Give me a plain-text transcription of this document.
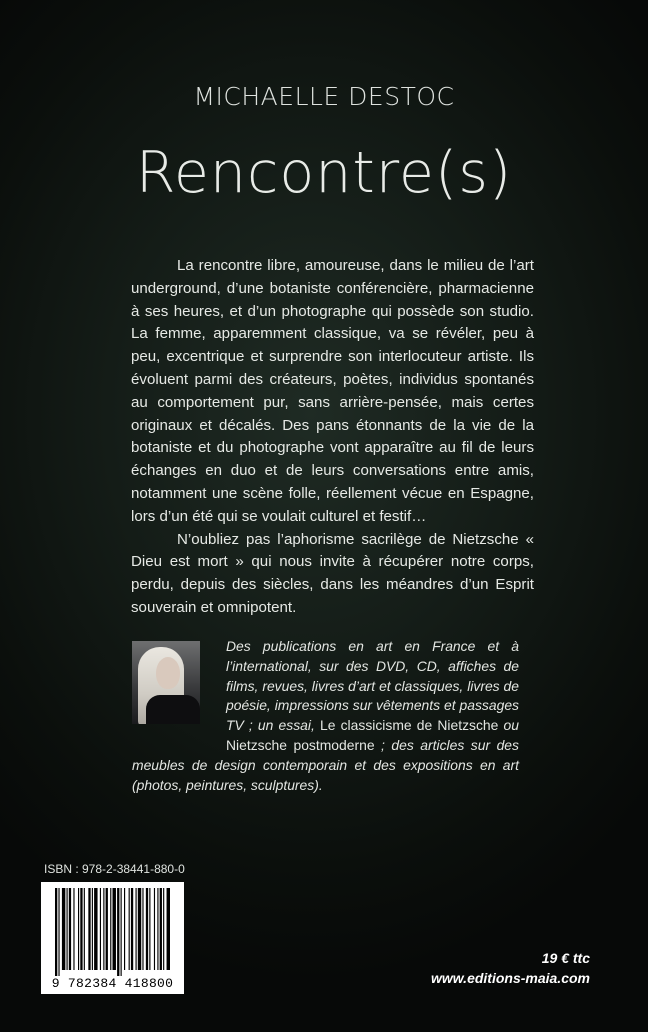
MICHAELLE DESTOC
Rencontre(s)

La rencontre libre, amoureuse, dans le milieu de l’art underground, d’une botaniste conférencière, pharmacienne à ses heures, et d’un photographe qui possède son studio. La femme, apparemment classique, va se révéler, peu à peu, excentrique et surprendre son interlocuteur artiste. Ils évoluent parmi des créateurs, poètes, individus spontanés au comportement pur, sans arrière-pensée, mais certes originaux et décalés. Des pans étonnants de la vie de la botaniste et du photographe vont apparaître au fil de leurs échanges en duo et de leurs conversations entre amis, notamment une scène folle, réellement vécue en Espagne, lors d’un été qui se voulait culturel et festif…

N’oubliez pas l’aphorisme sacrilège de Nietzsche « Dieu est mort » qui nous invite à récupérer notre corps, perdu, depuis des siècles, dans les méandres d’un Esprit souverain et omnipotent.

Des publications en art en France et à l’international, sur des DVD, CD, affiches de films, revues, livres d’art et classiques, livres de poésie, impressions sur vêtements et passages TV ; un essai, Le classicisme de Nietzsche ou Nietzsche postmoderne ; des articles sur des meubles de design contemporain et des expositions en art (photos, peintures, sculptures).
ISBN : 978-2-38441-880-0
9 782384 418800
19 € ttc
www.editions-maia.com
